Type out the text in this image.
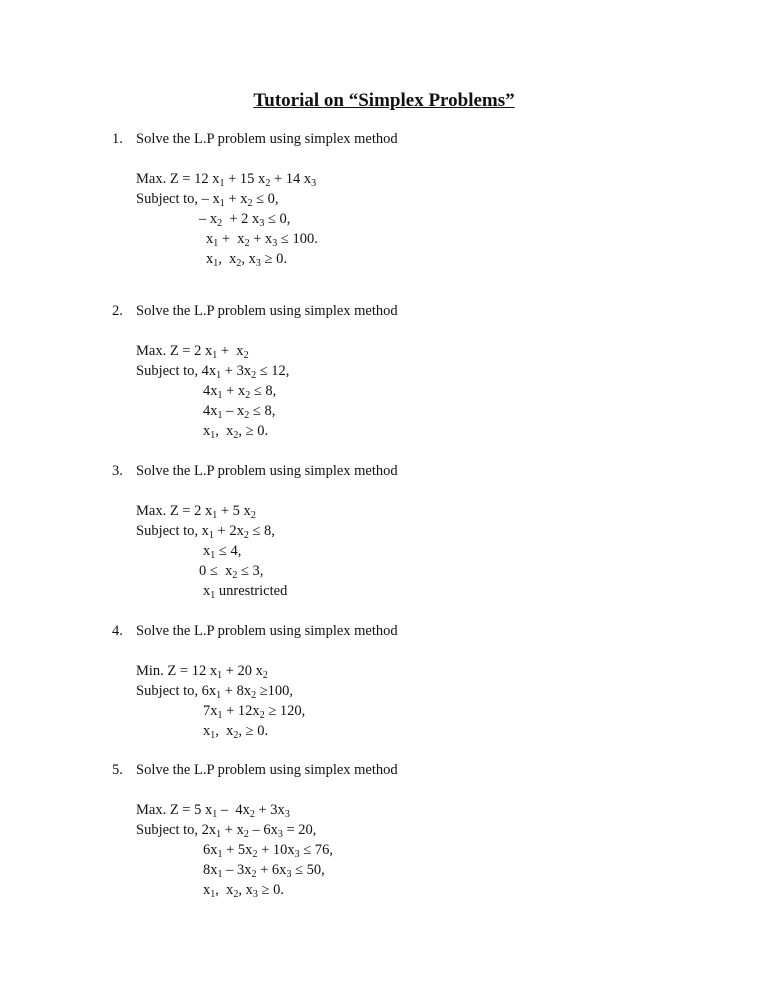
Tutorial on “Simplex Problems”
1. Solve the L.P problem using simplex method
Max. Z = 12 $x_1 + 15$ $x_2 + 14$ $x_3$
Subject to, – $x_1 + x_2 \le 0$,
– $x_2 + 2$ $x_3 \le 0$,
$x_1 + x_2 + x_3 \le 100$.
$x_1$,  $x_2$, $x_3 \ge 0$.
2. Solve the L.P problem using simplex method
Max. Z = 2 $x_1 + x_2$
Subject to, $4x_1 + 3x_2 \le 12$,
$4x_1 + x_2 \le 8$,
$4x_1 - x_2 \le 8$,
$x_1$,  $x_2$, ≥ 0.
3. Solve the L.P problem using simplex method
Max. Z = 2 $x_1 + 5$ $x_2$
Subject to, $x_1 + 2x_2 \le 8$,
$x_1 \le 4$,
$0 \le x_2 \le 3$,
$x_1$ unrestricted
4. Solve the L.P problem using simplex method
Min. Z = 12 $x_1 + 20$ $x_2$
Subject to, $6x_1 + 8x_2 \ge 100$,
$7x_1 + 12x_2 \ge 120$,
$x_1$,  $x_2$, ≥ 0.
5. Solve the L.P problem using simplex method
Max. Z = 5 $x_1 - 4x_2 + 3x_3$
Subject to, $2x_1 + x_2 - 6x_3 = 20$,
$6x_1 + 5x_2 + 10x_3 \le 76$,
$8x_1 - 3x_2 + 6x_3 \le 50$,
$x_1$,  $x_2$, $x_3 \ge 0$.
